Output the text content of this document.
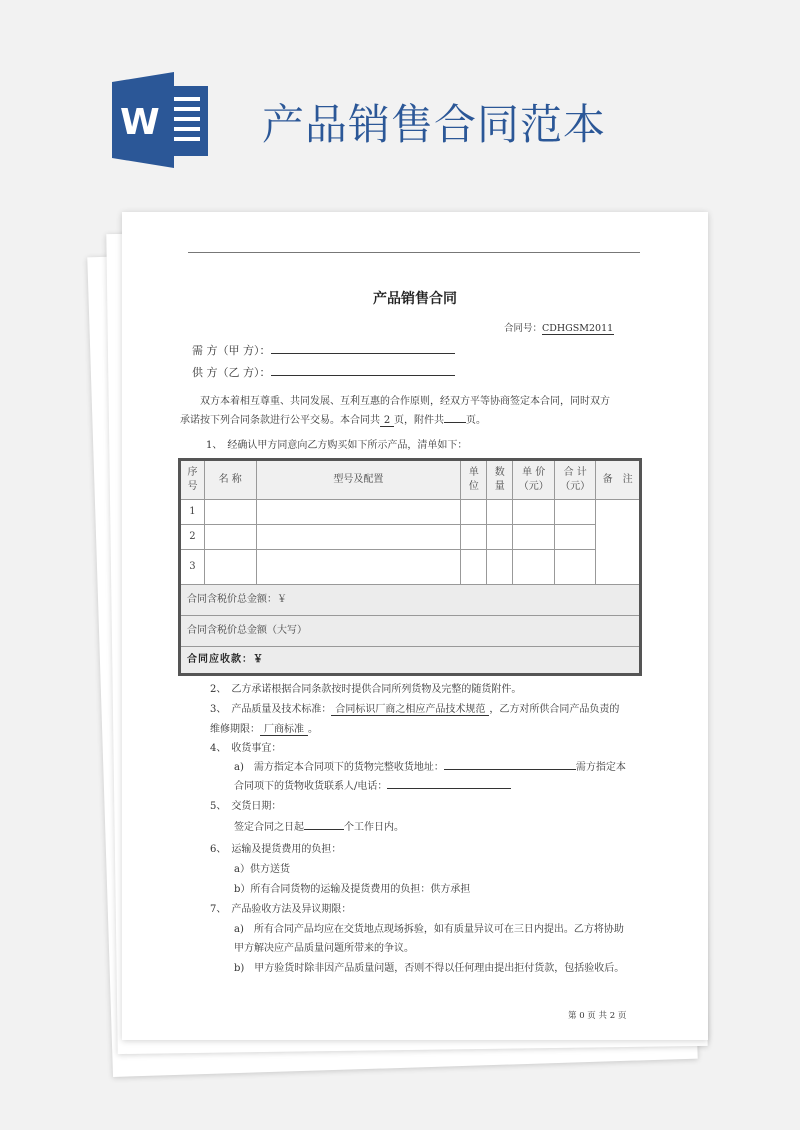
W 产品销售合同范本
产品销售合同
合同号：CDHGSM2011
需 方（甲 方）：
供 方（乙 方）：
双方本着相互尊重、共同发展、互利互惠的合作原则，经双方平等协商签定本合同，同时双方
承诺按下列合同条款进行公平交易。本合同共 2 页，附件共 页。
1、　经确认甲方同意向乙方购买如下所示产品，清单如下：
序号	名 称	型号及配置	单位	数量	单 价（元）	合 计（元）	备　注
1							
2							
3							
合同含税价总金额：￥							
合同含税价总金额（大写）							
合同应收款：￥							
2、　乙方承诺根据合同条款按时提供合同所列货物及完整的随货附件。
3、　产品质量及技术标准： 合同标识厂商之相应产品技术规范 ，乙方对所供合同产品负责的
维修期限： 厂商标准 。
4、　收货事宜：
a)　需方指定本合同项下的货物完整收货地址：	需方指定本
合同项下的货物收货联系人/电话：
5、　交货日期：
签定合同之日起	个工作日内。
6、　运输及提货费用的负担：
a）供方送货
b）所有合同货物的运输及提货费用的负担：供方承担
7、　产品验收方法及异议期限：
a)　所有合同产品均应在交货地点现场拆验，如有质量异议可在三日内提出。乙方将协助
甲方解决应产品质量问题所带来的争议。
b)　甲方验货时除非因产品质量问题，否则不得以任何理由提出拒付货款，包括验收后。
第 0 页 共 2 页
